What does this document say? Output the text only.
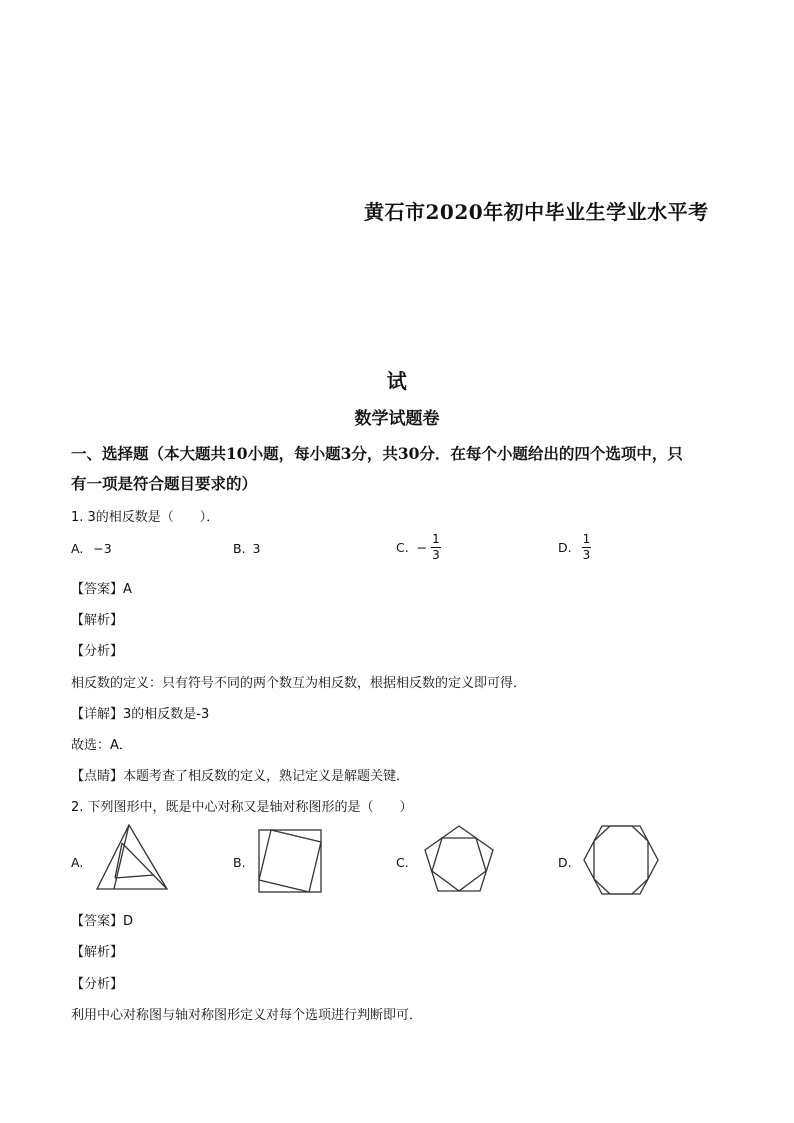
黄石市2020年初中毕业生学业水平考
试
数学试题卷
一、选择题（本大题共10小题，每小题3分，共30分．在每个小题给出的四个选项中，只
有一项是符合题目要求的）
1. 3的相反数是（　　）．
A. −3	B. 3	C. − $\frac{1}{3}$	D. $\frac{1}{3}$
【答案】A
【解析】
【分析】
相反数的定义：只有符号不同的两个数互为相反数，根据相反数的定义即可得．
【详解】3的相反数是-3
故选：A．
【点睛】本题考查了相反数的定义，熟记定义是解题关键．
2. 下列图形中，既是中心对称又是轴对称图形的是（　　）
A.	B.	C.	D.
【答案】D
【解析】
【分析】
利用中心对称图与轴对称图形定义对每个选项进行判断即可．
